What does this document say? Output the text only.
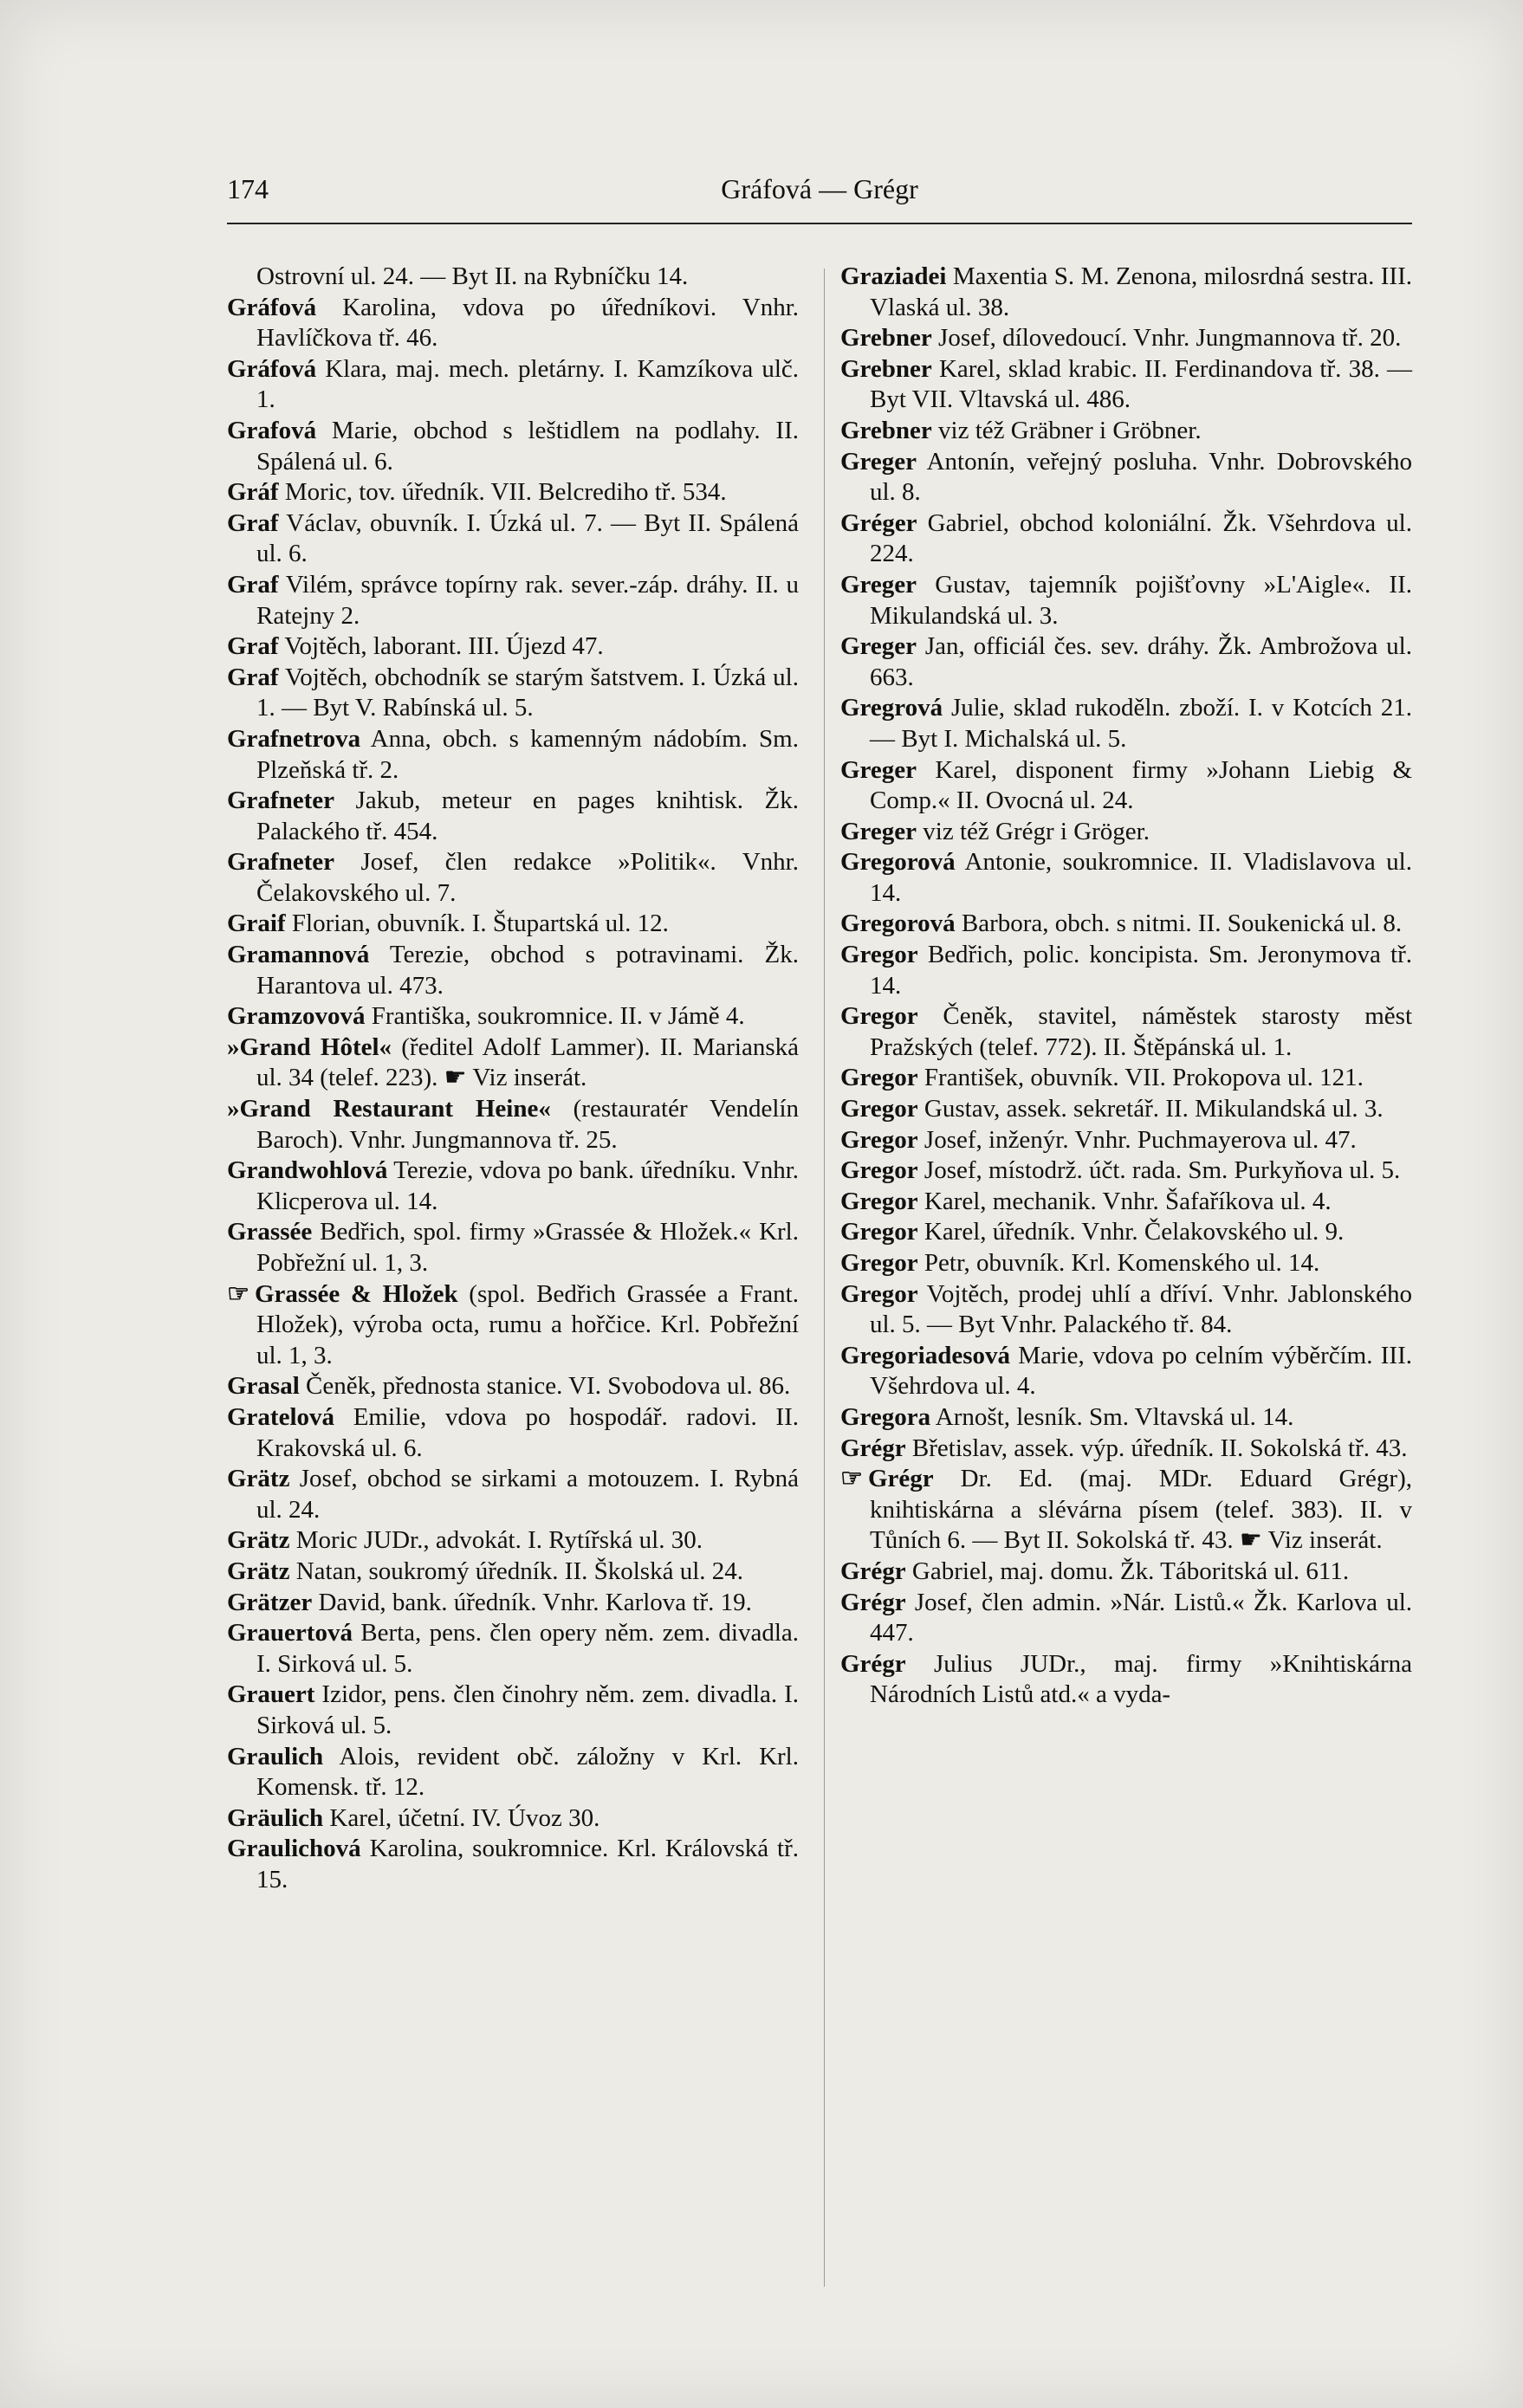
174	Gráfová — Grégr
Ostrovní ul. 24. — Byt II. na Rybníčku 14.
Gráfová Karolina, vdova po úředníkovi. Vnhr. Havlíčkova tř. 46.
Gráfová Klara, maj. mech. pletárny. I. Kamzíkova ulč. 1.
Grafová Marie, obchod s leštidlem na podlahy. II. Spálená ul. 6.
Gráf Moric, tov. úředník. VII. Belcrediho tř. 534.
Graf Václav, obuvník. I. Úzká ul. 7. — Byt II. Spálená ul. 6.
Graf Vilém, správce topírny rak. sever.-záp. dráhy. II. u Ratejny 2.
Graf Vojtěch, laborant. III. Újezd 47.
Graf Vojtěch, obchodník se starým šatstvem. I. Úzká ul. 1. — Byt V. Rabínská ul. 5.
Grafnetrova Anna, obch. s kamenným nádobím. Sm. Plzeňská tř. 2.
Grafneter Jakub, meteur en pages knihtisk. Žk. Palackého tř. 454.
Grafneter Josef, člen redakce »Politik«. Vnhr. Čelakovského ul. 7.
Graif Florian, obuvník. I. Štupartská ul. 12.
Gramannová Terezie, obchod s potravinami. Žk. Harantova ul. 473.
Gramzovová Františka, soukromnice. II. v Jámě 4.
»Grand Hôtel« (ředitel Adolf Lammer). II. Marianská ul. 34 (telef. 223). ☛ Viz inserát.
»Grand Restaurant Heine« (restauratér Vendelín Baroch). Vnhr. Jungmannova tř. 25.
Grandwohlová Terezie, vdova po bank. úředníku. Vnhr. Klicperova ul. 14.
Grassée Bedřich, spol. firmy »Grassée & Hložek.« Krl. Pobřežní ul. 1, 3.
☞ Grassée & Hložek (spol. Bedřich Grassée a Frant. Hložek), výroba octa, rumu a hořčice. Krl. Pobřežní ul. 1, 3.
Grasal Čeněk, přednosta stanice. VI. Svobodova ul. 86.
Gratelová Emilie, vdova po hospodář. radovi. II. Krakovská ul. 6.
Grätz Josef, obchod se sirkami a motouzem. I. Rybná ul. 24.
Grätz Moric JUDr., advokát. I. Rytířská ul. 30.
Grätz Natan, soukromý úředník. II. Školská ul. 24.
Grätzer David, bank. úředník. Vnhr. Karlova tř. 19.
Grauertová Berta, pens. člen opery něm. zem. divadla. I. Sirková ul. 5.
Grauert Izidor, pens. člen činohry něm. zem. divadla. I. Sirková ul. 5.
Graulich Alois, revident obč. záložny v Krl. Krl. Komensk. tř. 12.
Gräulich Karel, účetní. IV. Úvoz 30.
Graulichová Karolina, soukromnice. Krl. Královská tř. 15.
Graziadei Maxentia S. M. Zenona, milosrdná sestra. III. Vlaská ul. 38.
Grebner Josef, dílovedoucí. Vnhr. Jungmannova tř. 20.
Grebner Karel, sklad krabic. II. Ferdinandova tř. 38. — Byt VII. Vltavská ul. 486.
Grebner viz též Gräbner i Gröbner.
Greger Antonín, veřejný posluha. Vnhr. Dobrovského ul. 8.
Gréger Gabriel, obchod koloniální. Žk. Všehrdova ul. 224.
Greger Gustav, tajemník pojišťovny »L'Aigle«. II. Mikulandská ul. 3.
Greger Jan, officiál čes. sev. dráhy. Žk. Ambrožova ul. 663.
Gregrová Julie, sklad rukoděln. zboží. I. v Kotcích 21. — Byt I. Michalská ul. 5.
Greger Karel, disponent firmy »Johann Liebig & Comp.« II. Ovocná ul. 24.
Greger viz též Grégr i Gröger.
Gregorová Antonie, soukromnice. II. Vladislavova ul. 14.
Gregorová Barbora, obch. s nitmi. II. Soukenická ul. 8.
Gregor Bedřich, polic. koncipista. Sm. Jeronymova tř. 14.
Gregor Čeněk, stavitel, náměstek starosty měst Pražských (telef. 772). II. Štěpánská ul. 1.
Gregor František, obuvník. VII. Prokopova ul. 121.
Gregor Gustav, assek. sekretář. II. Mikulandská ul. 3.
Gregor Josef, inženýr. Vnhr. Puchmayerova ul. 47.
Gregor Josef, místodrž. účt. rada. Sm. Purkyňova ul. 5.
Gregor Karel, mechanik. Vnhr. Šafaříkova ul. 4.
Gregor Karel, úředník. Vnhr. Čelakovského ul. 9.
Gregor Petr, obuvník. Krl. Komenského ul. 14.
Gregor Vojtěch, prodej uhlí a dříví. Vnhr. Jablonského ul. 5. — Byt Vnhr. Palackého tř. 84.
Gregoriadesová Marie, vdova po celním výběrčím. III. Všehrdova ul. 4.
Gregora Arnošt, lesník. Sm. Vltavská ul. 14.
Grégr Břetislav, assek. výp. úředník. II. Sokolská tř. 43.
☞ Grégr Dr. Ed. (maj. MDr. Eduard Grégr), knihtiskárna a slévárna písem (telef. 383). II. v Tůních 6. — Byt II. Sokolská tř. 43. ☛ Viz inserát.
Grégr Gabriel, maj. domu. Žk. Táboritská ul. 611.
Grégr Josef, člen admin. »Nár. Listů.« Žk. Karlova ul. 447.
Grégr Julius JUDr., maj. firmy »Knihtiskárna Národních Listů atd.« a vyda-
